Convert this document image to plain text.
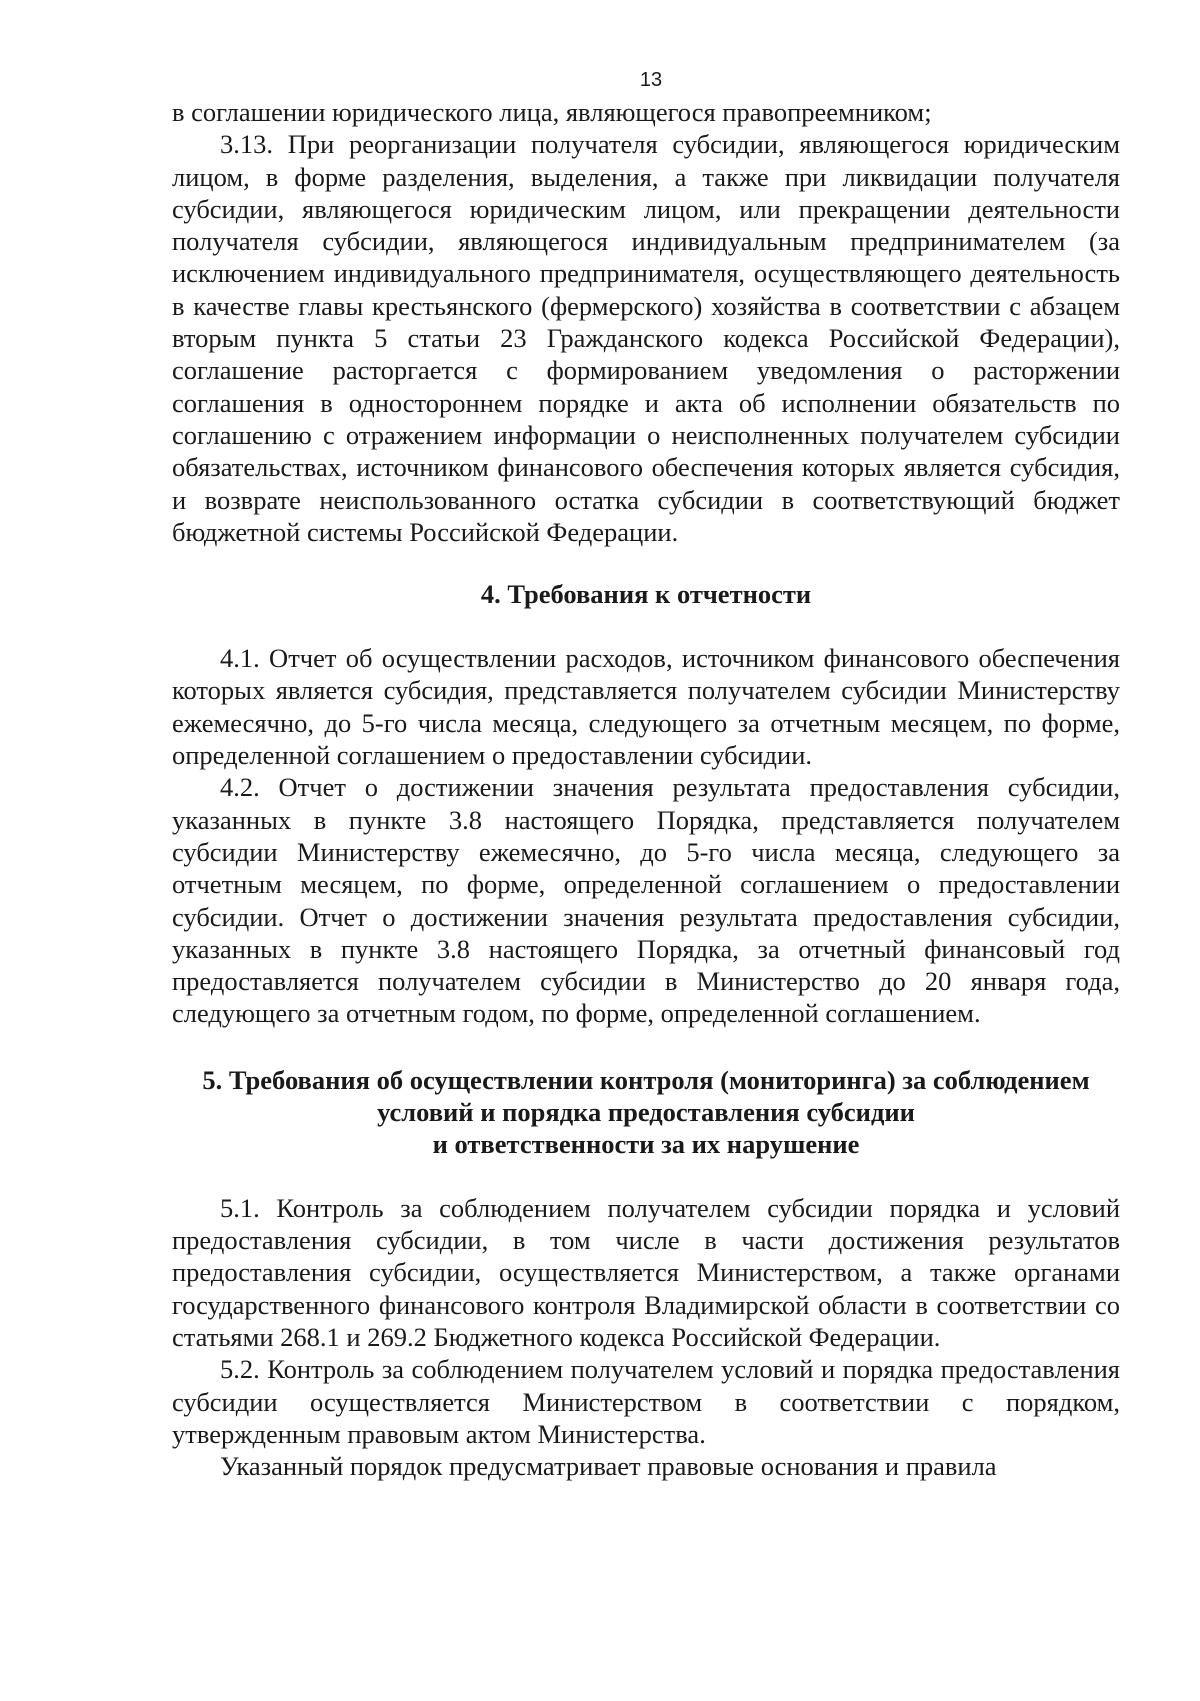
13

в соглашении юридического лица, являющегося правопреемником;

3.13. При реорганизации получателя субсидии, являющегося юридическим лицом, в форме разделения, выделения, а также при ликвидации получателя субсидии, являющегося юридическим лицом, или прекращении деятельности получателя субсидии, являющегося индивидуальным предпринимателем (за исключением индивидуального предпринимателя, осуществляющего деятельность в качестве главы крестьянского (фермерского) хозяйства в соответствии с абзацем вторым пункта 5 статьи 23 Гражданского кодекса Российской Федерации), соглашение расторгается с формированием уведомления о расторжении соглашения в одностороннем порядке и акта об исполнении обязательств по соглашению с отражением информации о неисполненных получателем субсидии обязательствах, источником финансового обеспечения которых является субсидия, и возврате неиспользованного остатка субсидии в соответствующий бюджет бюджетной системы Российской Федерации.

4. Требования к отчетности

4.1. Отчет об осуществлении расходов, источником финансового обеспечения которых является субсидия, представляется получателем субсидии Министерству ежемесячно, до 5-го числа месяца, следующего за отчетным месяцем, по форме, определенной соглашением о предоставлении субсидии.

4.2. Отчет о достижении значения результата предоставления субсидии, указанных в пункте 3.8 настоящего Порядка, представляется получателем субсидии Министерству ежемесячно, до 5-го числа месяца, следующего за отчетным месяцем, по форме, определенной соглашением о предоставлении субсидии. Отчет о достижении значения результата предоставления субсидии, указанных в пункте 3.8 настоящего Порядка, за отчетный финансовый год предоставляется получателем субсидии в Министерство до 20 января года, следующего за отчетным годом, по форме, определенной соглашением.

5. Требования об осуществлении контроля (мониторинга) за соблюдением
условий и порядка предоставления субсидии
и ответственности за их нарушение

5.1. Контроль за соблюдением получателем субсидии порядка и условий предоставления субсидии, в том числе в части достижения результатов предоставления субсидии, осуществляется Министерством, а также органами государственного финансового контроля Владимирской области в соответствии со статьями 268.1 и 269.2 Бюджетного кодекса Российской Федерации.

5.2. Контроль за соблюдением получателем условий и порядка предоставления субсидии осуществляется Министерством в соответствии с порядком, утвержденным правовым актом Министерства.

Указанный порядок предусматривает правовые основания и правила
